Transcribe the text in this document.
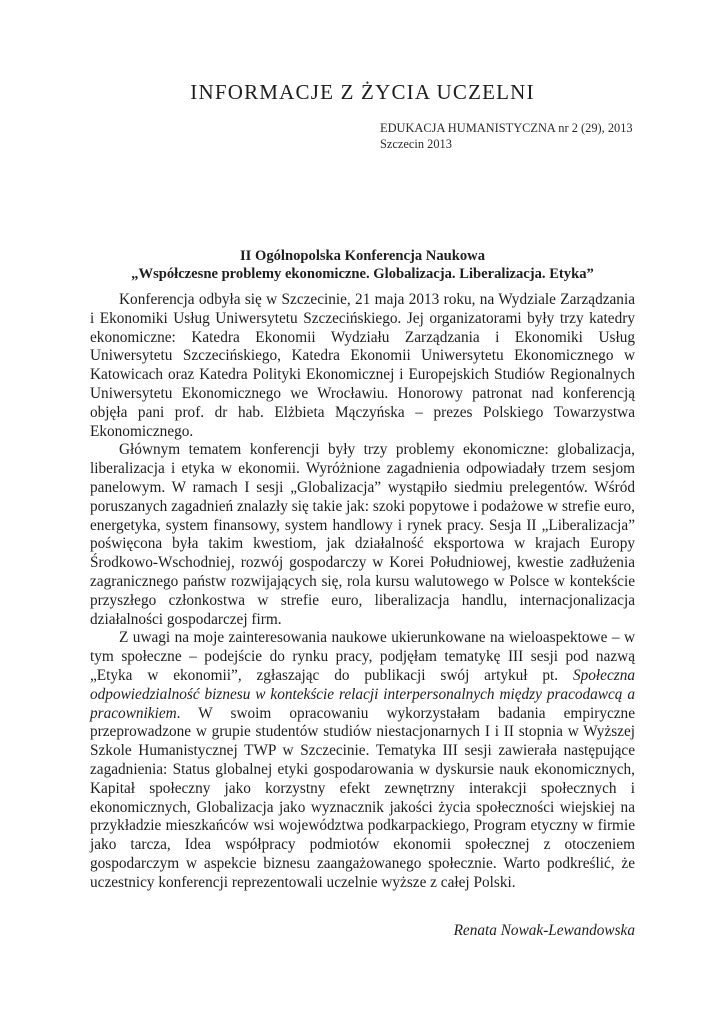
INFORMACJE Z ŻYCIA UCZELNI
EDUKACJA HUMANISTYCZNA nr 2 (29), 2013
Szczecin 2013
II Ogólnopolska Konferencja Naukowa
„Współczesne problemy ekonomiczne. Globalizacja. Liberalizacja. Etyka”

Konferencja odbyła się w Szczecinie, 21 maja 2013 roku, na Wydziale Zarządzania i Ekonomiki Usług Uniwersytetu Szczecińskiego. Jej organizatorami były trzy katedry ekonomiczne: Katedra Ekonomii Wydziału Zarządzania i Ekonomiki Usług Uniwersytetu Szczecińskiego, Katedra Ekonomii Uniwersytetu Ekonomicznego w Katowicach oraz Katedra Polityki Ekonomicznej i Europejskich Studiów Regionalnych Uniwersytetu Ekonomicznego we Wrocławiu. Honorowy patronat nad konferencją objęła pani prof. dr hab. Elżbieta Mączyńska – prezes Polskiego Towarzystwa Ekonomicznego.

Głównym tematem konferencji były trzy problemy ekonomiczne: globalizacja, liberalizacja i etyka w ekonomii. Wyróżnione zagadnienia odpowiadały trzem sesjom panelowym. W ramach I sesji „Globalizacja” wystąpiło siedmiu prelegentów. Wśród poruszanych zagadnień znalazły się takie jak: szoki popytowe i podażowe w strefie euro, energetyka, system finansowy, system handlowy i rynek pracy. Sesja II „Liberalizacja” poświęcona była takim kwestiom, jak działalność eksportowa w krajach Europy Środkowo-Wschodniej, rozwój gospodarczy w Korei Południowej, kwestie zadłużenia zagranicznego państw rozwijających się, rola kursu walutowego w Polsce w kontekście przyszłego członkostwa w strefie euro, liberalizacja handlu, internacjonalizacja działalności gospodarczej firm.

Z uwagi na moje zainteresowania naukowe ukierunkowane na wieloaspektowe – w tym społeczne – podejście do rynku pracy, podjęłam tematykę III sesji pod nazwą „Etyka w ekonomii”, zgłaszając do publikacji swój artykuł pt. Społeczna odpowiedzialność biznesu w kontekście relacji interpersonalnych między pracodawcą a pracownikiem. W swoim opracowaniu wykorzystałam badania empiryczne przeprowadzone w grupie studentów studiów niestacjonarnych I i II stopnia w Wyższej Szkole Humanistycznej TWP w Szczecinie. Tematyka III sesji zawierała następujące zagadnienia: Status globalnej etyki gospodarowania w dyskursie nauk ekonomicznych, Kapitał społeczny jako korzystny efekt zewnętrzny interakcji społecznych i ekonomicznych, Globalizacja jako wyznacznik jakości życia społeczności wiejskiej na przykładzie mieszkańców wsi województwa podkarpackiego, Program etyczny w firmie jako tarcza, Idea współpracy podmiotów ekonomii społecznej z otoczeniem gospodarczym w aspekcie biznesu zaangażowanego społecznie. Warto podkreślić, że uczestnicy konferencji reprezentowali uczelnie wyższe z całej Polski.

Renata Nowak-Lewandowska
